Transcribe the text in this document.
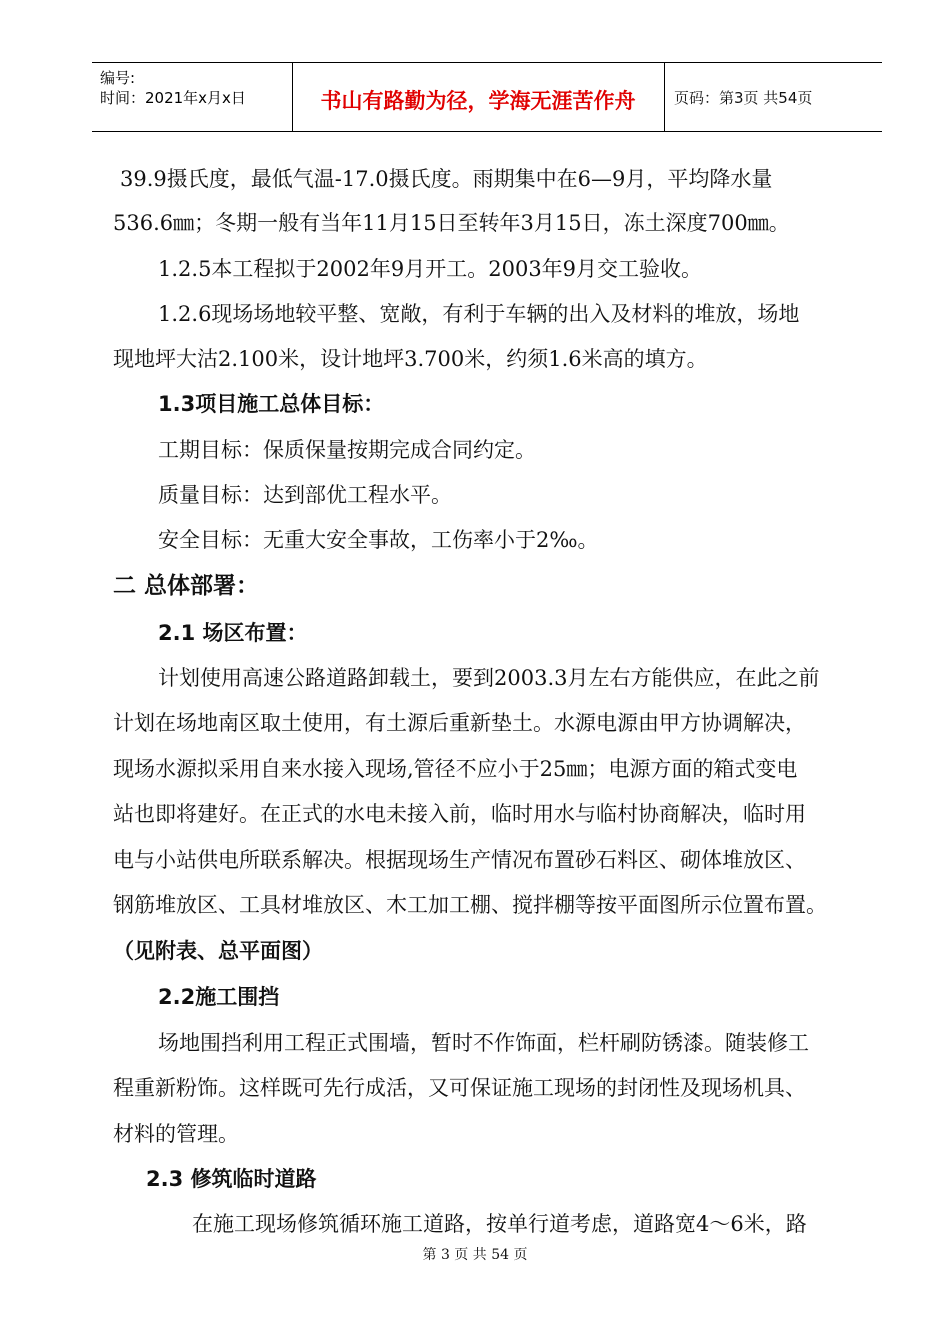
编号:
时间：2021年x月x日	书山有路勤为径，学海无涯苦作舟	页码：第3页 共54页
39.9摄氏度，最低气温-17.0摄氏度。雨期集中在6—9月，平均降水量
536.6㎜；冬期一般有当年11月15日至转年3月15日，冻土深度700㎜。
1.2.5本工程拟于2002年9月开工。2003年9月交工验收。
1.2.6现场场地较平整、宽敞，有利于车辆的出入及材料的堆放，场地
现地坪大沽2.100米，设计地坪3.700米，约须1.6米高的填方。
1.3项目施工总体目标：
工期目标：保质保量按期完成合同约定。
质量目标：达到部优工程水平。
安全目标：无重大安全事故，工伤率小于2‰。
二 总体部署：
2.1 场区布置：
计划使用高速公路道路卸载土，要到2003.3月左右方能供应，在此之前
计划在场地南区取土使用，有土源后重新垫土。水源电源由甲方协调解决，
现场水源拟采用自来水接入现场,管径不应小于25㎜；电源方面的箱式变电
站也即将建好。在正式的水电未接入前，临时用水与临村协商解决，临时用
电与小站供电所联系解决。根据现场生产情况布置砂石料区、砌体堆放区、
钢筋堆放区、工具材堆放区、木工加工棚、搅拌棚等按平面图所示位置布置。
（见附表、总平面图）
2.2施工围挡
场地围挡利用工程正式围墙，暂时不作饰面，栏杆刷防锈漆。随装修工
程重新粉饰。这样既可先行成活，又可保证施工现场的封闭性及现场机具、
材料的管理。
2.3 修筑临时道路
在施工现场修筑循环施工道路，按单行道考虑，道路宽4～6米，路
第 3 页 共 54 页
